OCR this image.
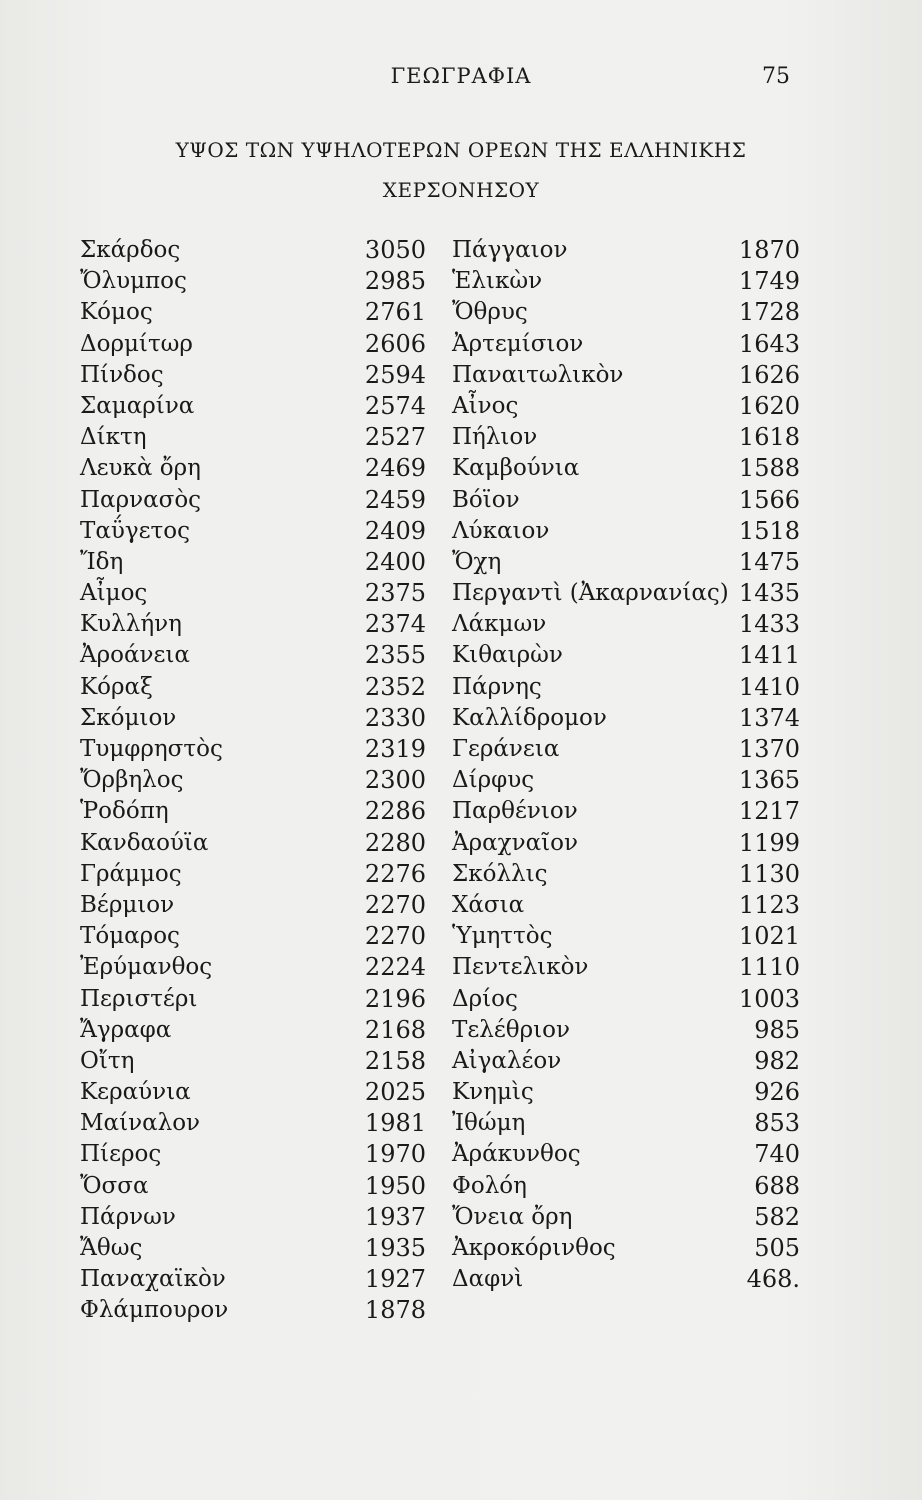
ΓΕΩΓΡΑΦΙΑ	75
ΥΨΟΣ ΤΩΝ ΥΨΗΛΟΤΕΡΩΝ ΟΡΕΩΝ ΤΗΣ ΕΛΛΗΝΙΚΗΣ
ΧΕΡΣΟΝΗΣΟΥ
Σκάρδος	3050 Πάγγαιον	1870
Ὄλυμπος	2985 Ἑλικὼν	1749
Κόμος	2761 Ὄθρυς	1728
Δορμίτωρ	2606 Ἀρτεμίσιον	1643
Πίνδος	2594 Παναιτωλικὸν	1626
Σαμαρίνα	2574 Αἶνος	1620
Δίκτη	2527 Πήλιον	1618
Λευκὰ ὄρη	2469 Καμβούνια	1588
Παρνασὸς	2459 Βόϊον	1566
Ταΰγετος	2409 Λύκαιον	1518
Ἴδη	2400 Ὄχη	1475
Αἶμος	2375 Περγαντὶ (Ἀκαρνανίας) 1435
Κυλλήνη	2374 Λάκμων	1433
Ἀροάνεια	2355 Κιθαιρὼν	1411
Κόραξ	2352 Πάρνης	1410
Σκόμιον	2330 Καλλίδρομον	1374
Τυμφρηστὸς	2319 Γεράνεια	1370
Ὄρβηλος	2300 Δίρφυς	1365
Ῥοδόπη	2286 Παρθένιον	1217
Κανδαούϊα	2280 Ἀραχναῖον	1199
Γράμμος	2276 Σκόλλις	1130
Βέρμιον	2270 Χάσια	1123
Τόμαρος	2270 Ὑμηττὸς	1021
Ἐρύμανθος	2224 Πεντελικὸν	1110
Περιστέρι	2196 Δρίος	1003
Ἄγραφα	2168 Τελέθριον	985
Οἴτη	2158 Αἰγαλέον	982
Κεραύνια	2025 Κνημὶς	926
Μαίναλον	1981 Ἰθώμη	853
Πίερος	1970 Ἀράκυνθος	740
Ὄσσα	1950 Φολόη	688
Πάρνων	1937 Ὄνεια ὄρη	582
Ἄθως	1935 Ἀκροκόρινθος	505
Παναχαϊκὸν	1927 Δαφνὶ	468.
Φλάμπουρον	1878
